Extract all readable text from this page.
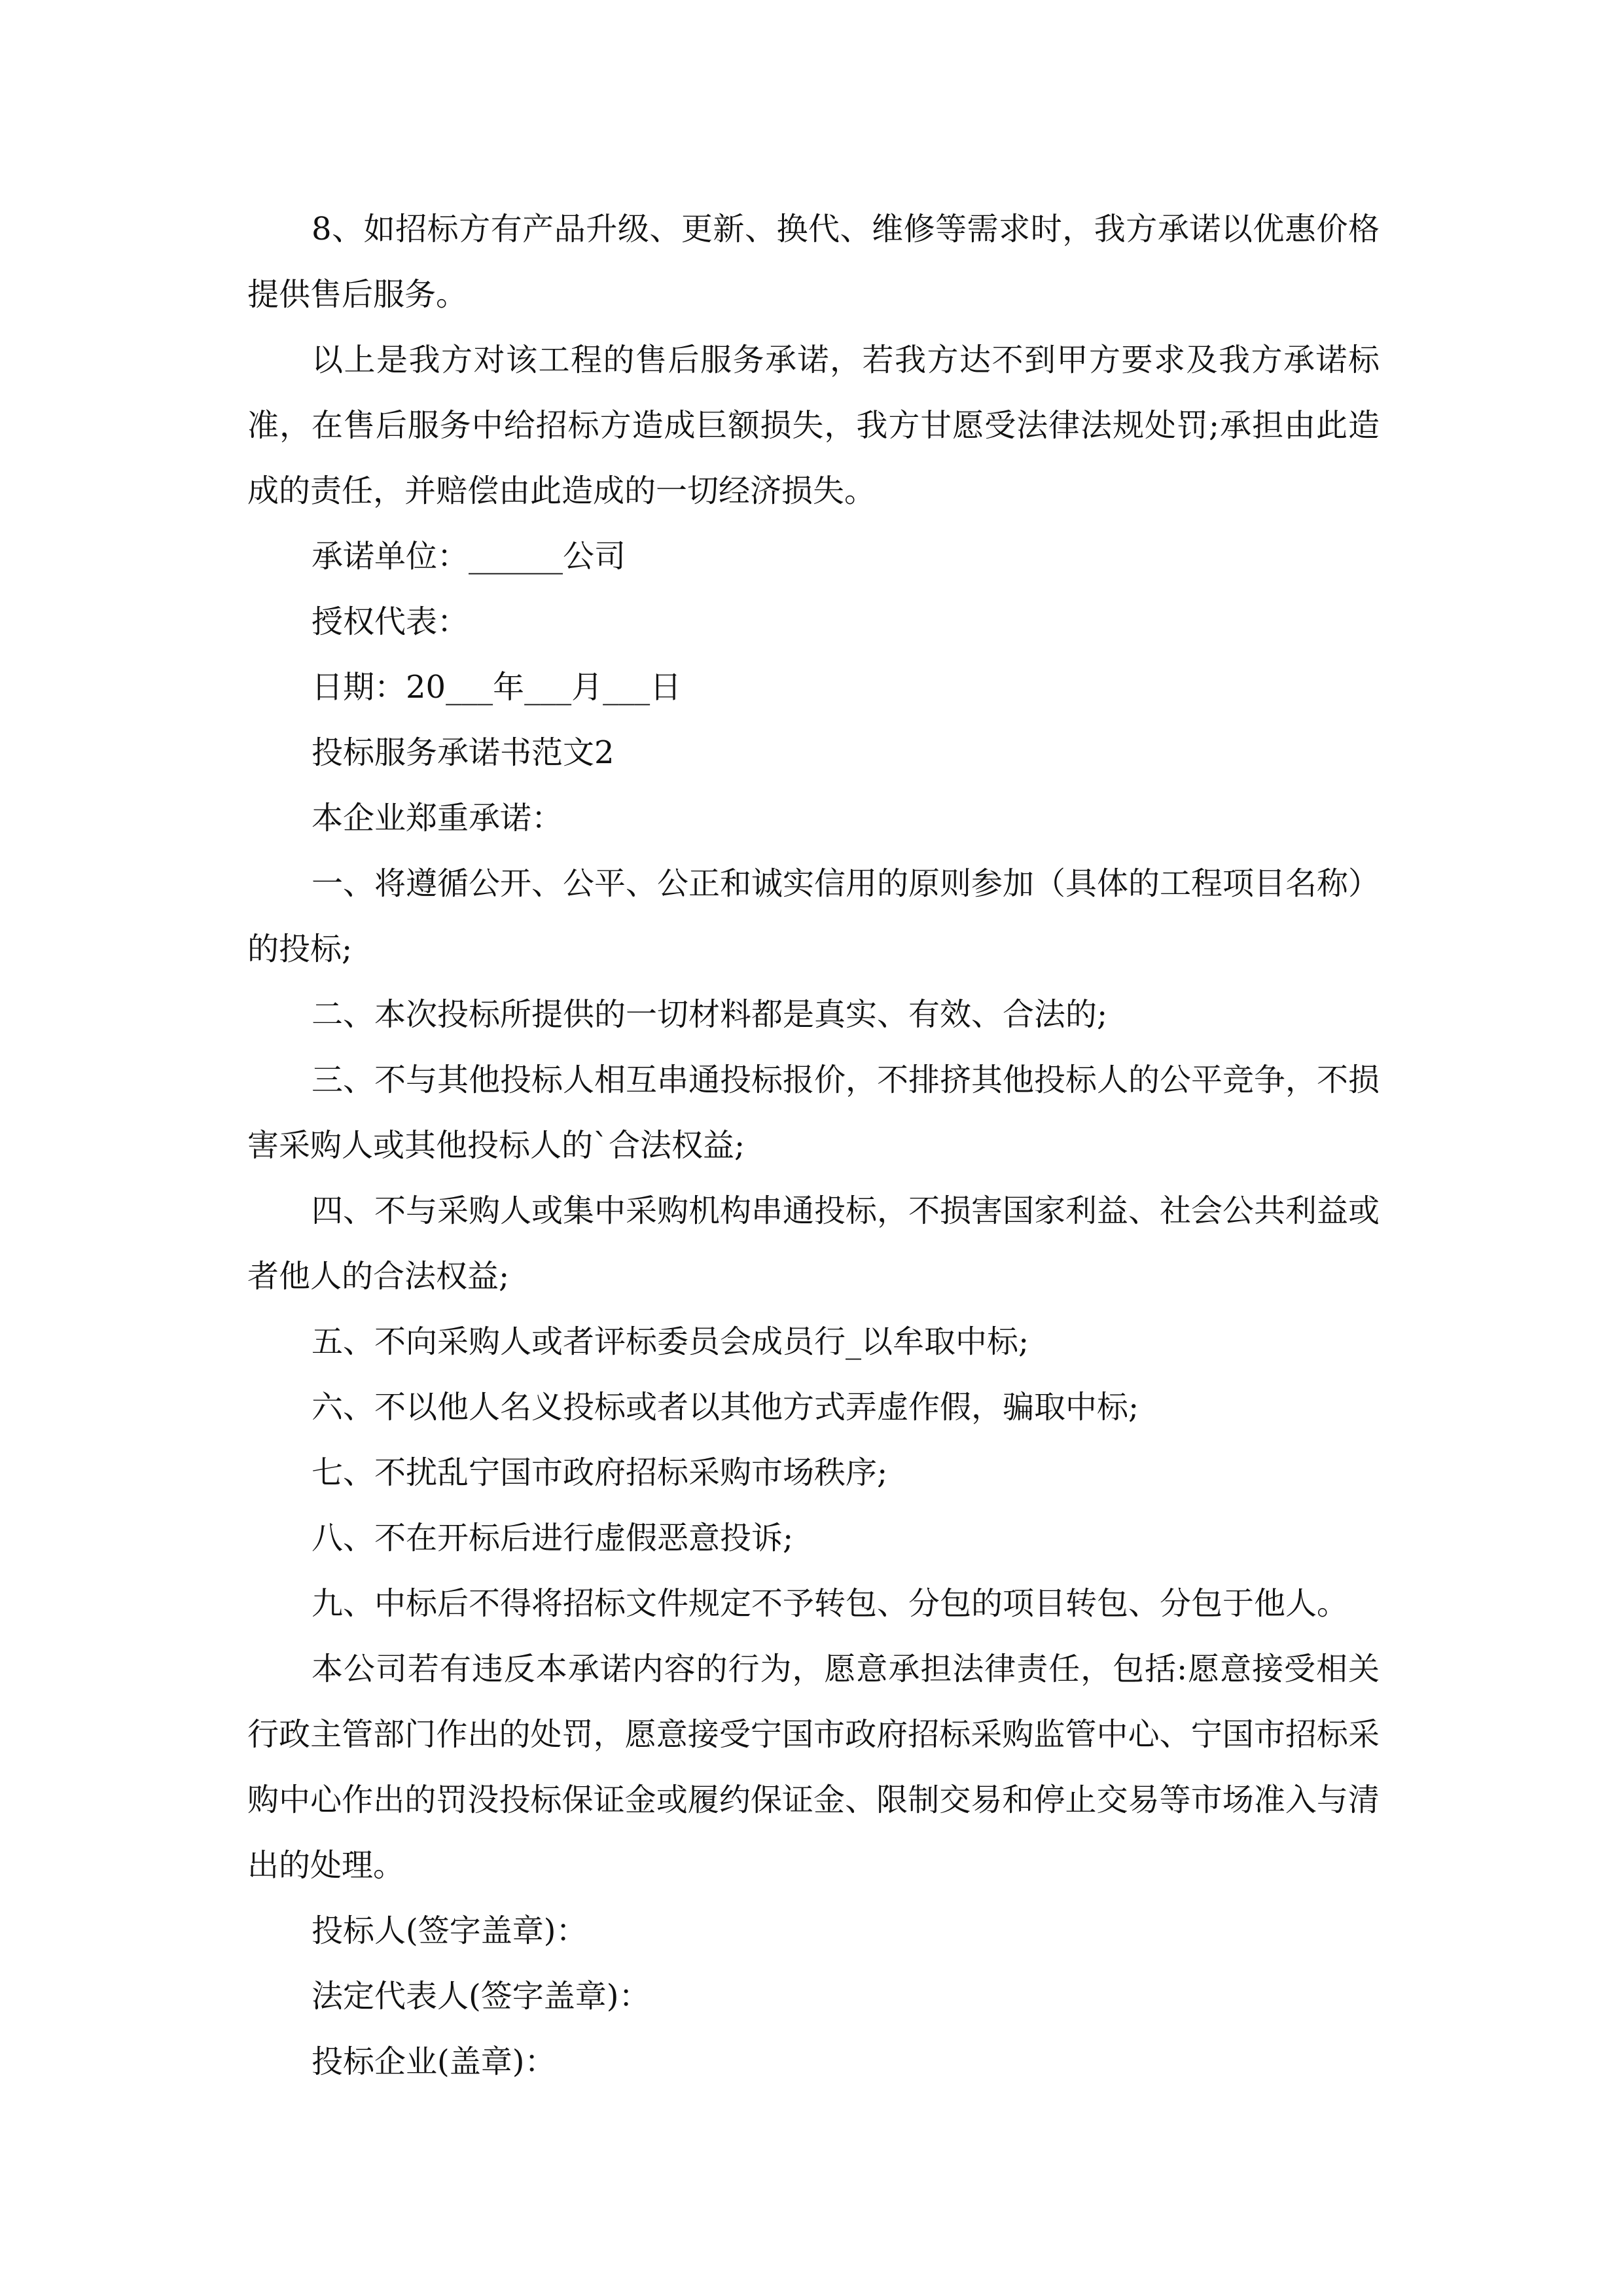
8、如招标方有产品升级、更新、换代、维修等需求时，我方承诺以优惠价格提供售后服务。

以上是我方对该工程的售后服务承诺，若我方达不到甲方要求及我方承诺标准，在售后服务中给招标方造成巨额损失，我方甘愿受法律法规处罚;承担由此造成的责任，并赔偿由此造成的一切经济损失。

承诺单位：______公司

授权代表：

日期：20___年___月___日

投标服务承诺书范文2

本企业郑重承诺：

一、将遵循公开、公平、公正和诚实信用的原则参加（具体的工程项目名称）的投标;

二、本次投标所提供的一切材料都是真实、有效、合法的;

三、不与其他投标人相互串通投标报价，不排挤其他投标人的公平竞争，不损害采购人或其他投标人的`合法权益;

四、不与采购人或集中采购机构串通投标，不损害国家利益、社会公共利益或者他人的合法权益;

五、不向采购人或者评标委员会成员行_以牟取中标;

六、不以他人名义投标或者以其他方式弄虚作假，骗取中标;

七、不扰乱宁国市政府招标采购市场秩序;

八、不在开标后进行虚假恶意投诉;

九、中标后不得将招标文件规定不予转包、分包的项目转包、分包于他人。

本公司若有违反本承诺内容的行为，愿意承担法律责任，包括:愿意接受相关行政主管部门作出的处罚，愿意接受宁国市政府招标采购监管中心、宁国市招标采购中心作出的罚没投标保证金或履约保证金、限制交易和停止交易等市场准入与清出的处理。

投标人(签字盖章)：

法定代表人(签字盖章)：

投标企业(盖章)：
